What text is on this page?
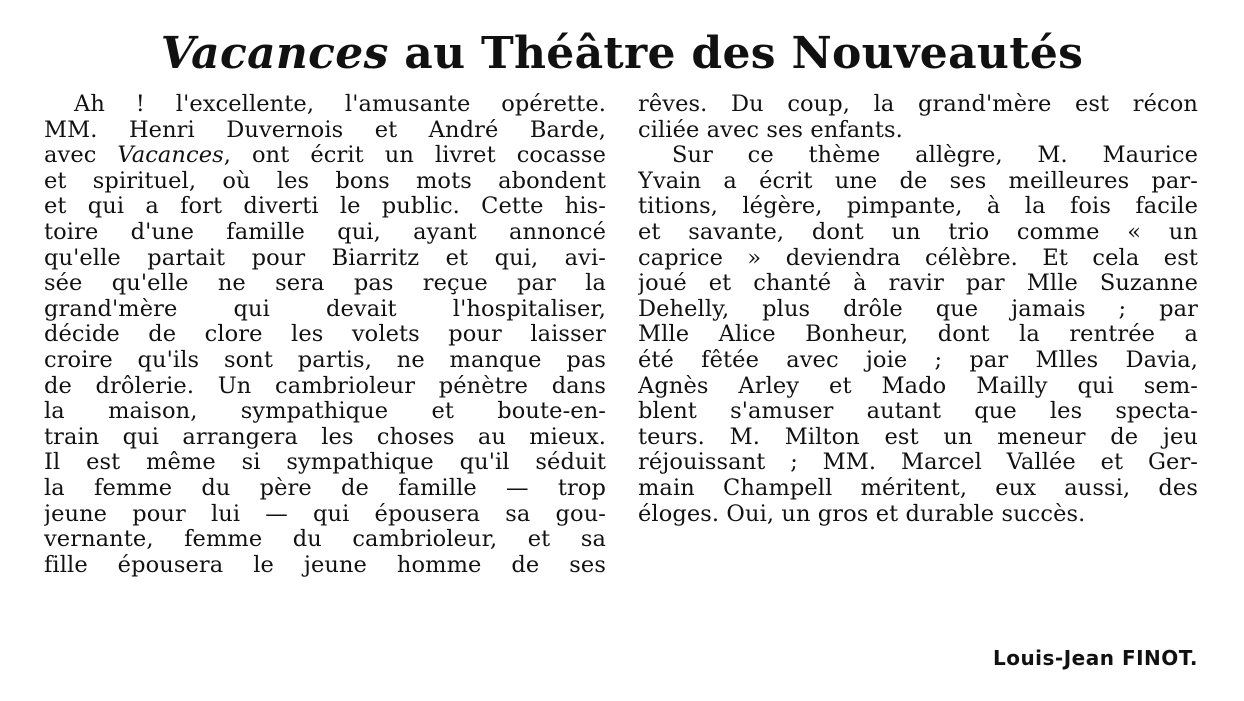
Vacances au Théâtre des Nouveautés
Ah ! l'excellente, l'amusante opérette.
MM. Henri Duvernois et André Barde,
avec Vacances, ont écrit un livret cocasse
et spirituel, où les bons mots abondent
et qui a fort diverti le public. Cette his-
toire d'une famille qui, ayant annoncé
qu'elle partait pour Biarritz et qui, avi-
sée qu'elle ne sera pas reçue par la
grand'mère qui devait l'hospitaliser,
décide de clore les volets pour laisser
croire qu'ils sont partis, ne manque pas
de drôlerie. Un cambrioleur pénètre dans
la maison, sympathique et boute-en-
train qui arrangera les choses au mieux.
Il est même si sympathique qu'il séduit
la femme du père de famille — trop
jeune pour lui — qui épousera sa gou-
vernante, femme du cambrioleur, et sa
fille épousera le jeune homme de ses
rêves. Du coup, la grand'mère est récon
ciliée avec ses enfants.
Sur ce thème allègre, M. Maurice
Yvain a écrit une de ses meilleures par-
titions, légère, pimpante, à la fois facile
et savante, dont un trio comme « un
caprice » deviendra célèbre. Et cela est
joué et chanté à ravir par Mlle Suzanne
Dehelly, plus drôle que jamais ; par
Mlle Alice Bonheur, dont la rentrée a
été fêtée avec joie ; par Mlles Davia,
Agnès Arley et Mado Mailly qui sem-
blent s'amuser autant que les specta-
teurs. M. Milton est un meneur de jeu
réjouissant ; MM. Marcel Vallée et Ger-
main Champell méritent, eux aussi, des
éloges. Oui, un gros et durable succès.
Louis-Jean FINOT.
